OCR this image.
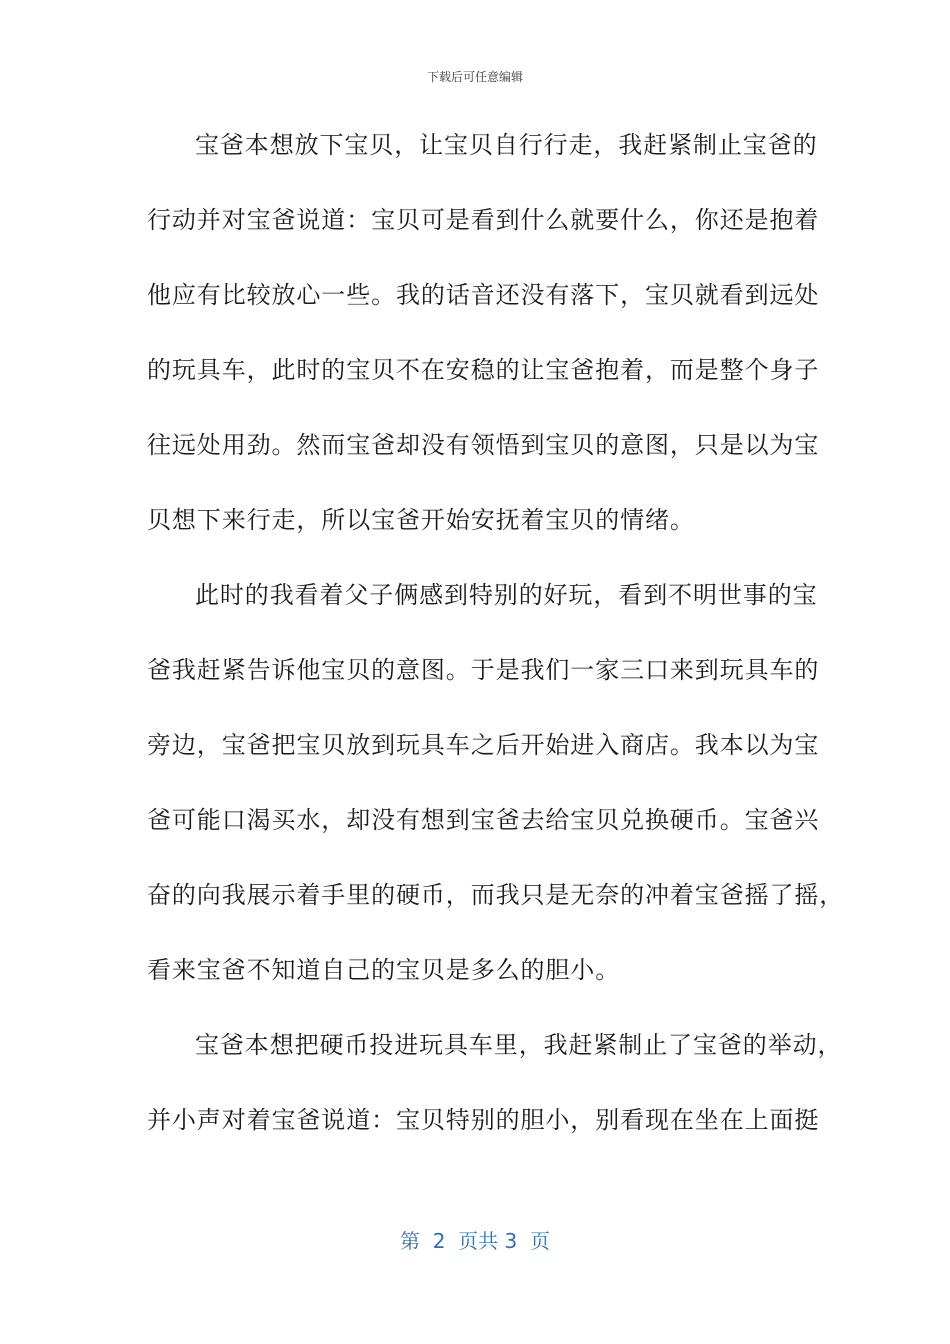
下载后可任意编辑
宝爸本想放下宝贝，让宝贝自行行走，我赶紧制止宝爸的
行动并对宝爸说道：宝贝可是看到什么就要什么，你还是抱着
他应有比较放心一些。我的话音还没有落下，宝贝就看到远处
的玩具车，此时的宝贝不在安稳的让宝爸抱着，而是整个身子
往远处用劲。然而宝爸却没有领悟到宝贝的意图，只是以为宝
贝想下来行走，所以宝爸开始安抚着宝贝的情绪。
此时的我看着父子俩感到特别的好玩，看到不明世事的宝
爸我赶紧告诉他宝贝的意图。于是我们一家三口来到玩具车的
旁边，宝爸把宝贝放到玩具车之后开始进入商店。我本以为宝
爸可能口渴买水，却没有想到宝爸去给宝贝兑换硬币。宝爸兴
奋的向我展示着手里的硬币，而我只是无奈的冲着宝爸摇了摇，
看来宝爸不知道自己的宝贝是多么的胆小。
宝爸本想把硬币投进玩具车里，我赶紧制止了宝爸的举动，
并小声对着宝爸说道：宝贝特别的胆小，别看现在坐在上面挺
第  2  页共 3  页
